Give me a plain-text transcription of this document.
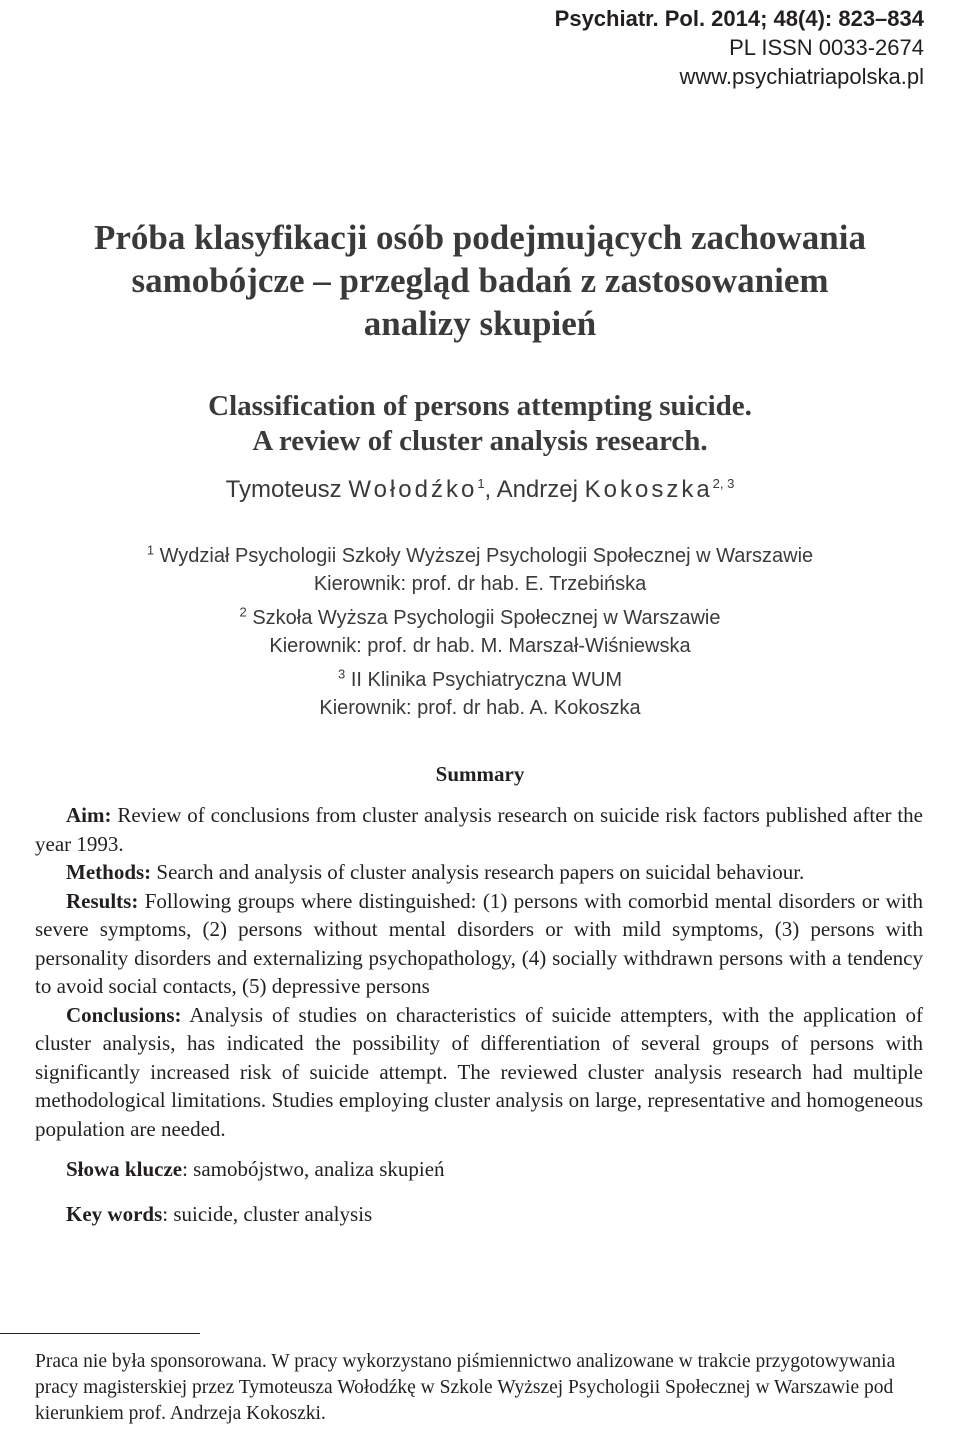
Psychiatr. Pol. 2014; 48(4): 823–834
PL ISSN 0033-2674
www.psychiatriapolska.pl
Próba klasyfikacji osób podejmujących zachowania
samobójcze – przegląd badań z zastosowaniem
analizy skupień
Classification of persons attempting suicide.
A review of cluster analysis research.
Tymoteusz Wołodźko$^1$, Andrzej Kokoszka$^{2, 3}$
$^1$ Wydział Psychologii Szkoły Wyższej Psychologii Społecznej w Warszawie
Kierownik: prof. dr hab. E. Trzebińska
$^2$ Szkoła Wyższa Psychologii Społecznej w Warszawie
Kierownik: prof. dr hab. M. Marszał-Wiśniewska
$^3$ II Klinika Psychiatryczna WUM
Kierownik: prof. dr hab. A. Kokoszka
Summary

Aim: Review of conclusions from cluster analysis research on suicide risk factors published after the year 1993.

Methods: Search and analysis of cluster analysis research papers on suicidal behaviour.

Results: Following groups where distinguished: (1) persons with comorbid mental disorders or with severe symptoms, (2) persons without mental disorders or with mild symptoms, (3) persons with personality disorders and externalizing psychopathology, (4) socially withdrawn persons with a tendency to avoid social contacts, (5) depressive persons

Conclusions: Analysis of studies on characteristics of suicide attempters, with the application of cluster analysis, has indicated the possibility of differentiation of several groups of persons with significantly increased risk of suicide attempt. The reviewed cluster analysis research had multiple methodological limitations. Studies employing cluster analysis on large, representative and homogeneous population are needed.

Słowa klucze: samobójstwo, analiza skupień
Key words: suicide, cluster analysis
Praca nie była sponsorowana. W pracy wykorzystano piśmiennictwo analizowane w trakcie przygotowywania pracy magisterskiej przez Tymoteusza Wołodźkę w Szkole Wyższej Psychologii Społecznej w Warszawie pod kierunkiem prof. Andrzeja Kokoszki.
